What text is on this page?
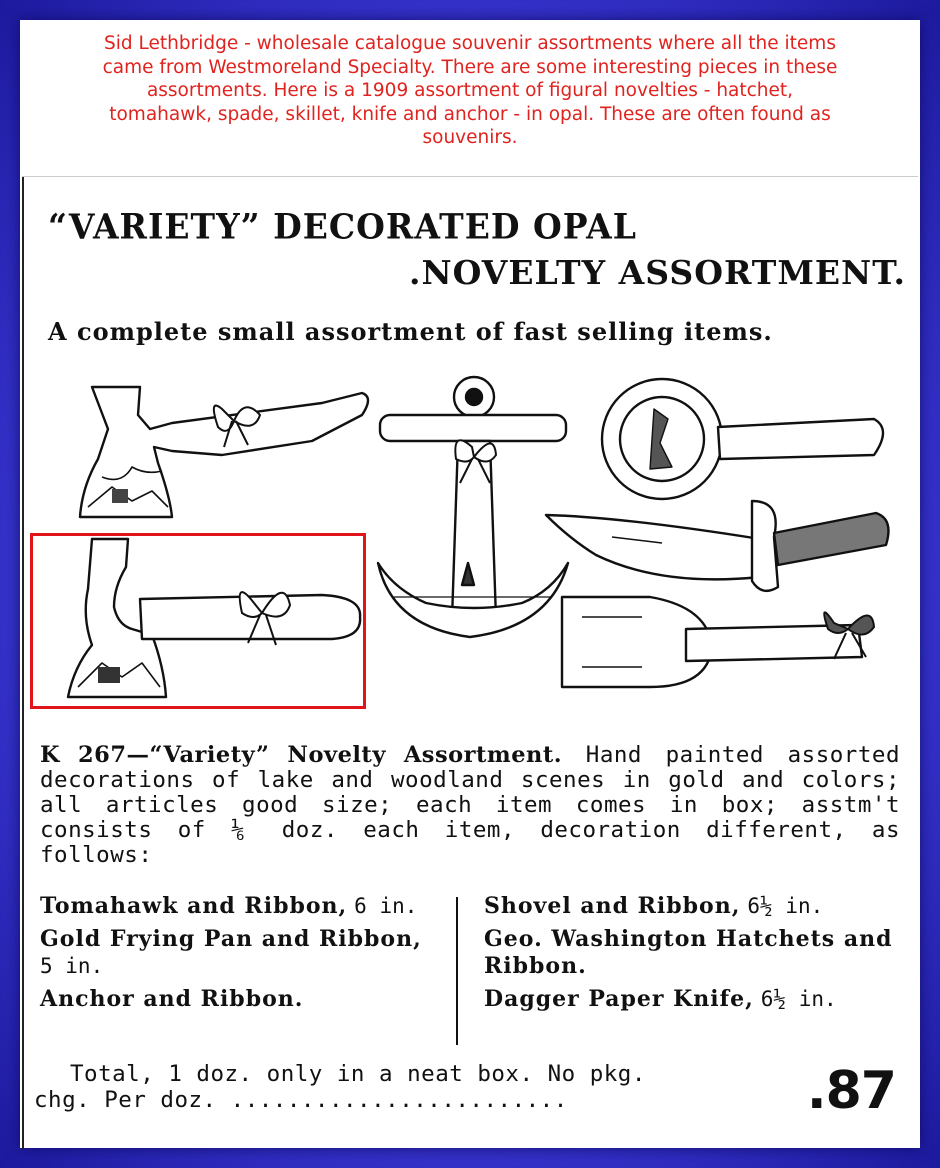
Sid Lethbridge - wholesale catalogue souvenir assortments where all the items
came from Westmoreland Specialty. There are some interesting pieces in these
assortments. Here is a 1909 assortment of figural novelties - hatchet,
tomahawk, spade, skillet, knife and anchor - in opal. These are often found as
souvenirs.
“VARIETY” DECORATED OPAL
.NOVELTY ASSORTMENT.
A complete small assortment of fast selling items.
K 267—“Variety” Novelty Assortment. Hand painted assorted decorations of lake and woodland scenes in gold and colors; all articles good size; each item comes in box; asstm't consists of ⅙ doz. each item, decoration different, as follows:
Tomahawk and Ribbon, 6 in.
Gold Frying Pan and Ribbon, 5 in.
Anchor and Ribbon.
Shovel and Ribbon, 6½ in.
Geo. Washington Hatchets and Ribbon.
Dagger Paper Knife, 6½ in.
Total, 1 doz. only in a neat box. No pkg.
chg. Per doz. ........................	.87
